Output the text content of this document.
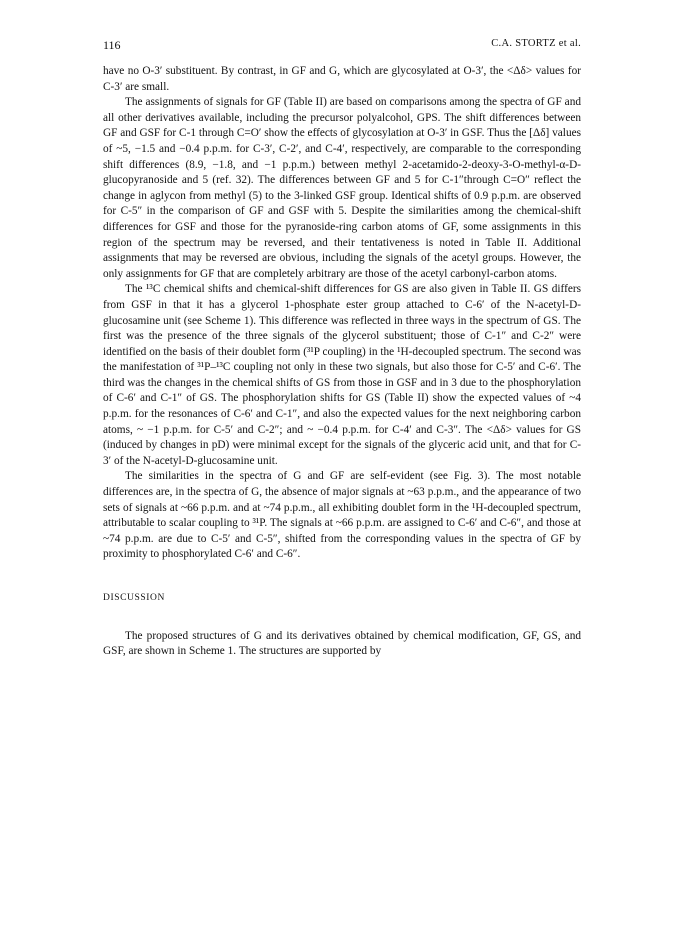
116	C.A. STORTZ et al.

have no O-3′ substituent. By contrast, in GF and G, which are glycosylated at O-3′, the <Δδ> values for C-3′ are small.

The assignments of signals for GF (Table II) are based on comparisons among the spectra of GF and all other derivatives available, including the precursor polyalcohol, GPS. The shift differences between GF and GSF for C-1 through C=O′ show the effects of glycosylation at O-3′ in GSF. Thus the [Δδ] values of ~5, −1.5 and −0.4 p.p.m. for C-3′, C-2′, and C-4′, respectively, are comparable to the corresponding shift differences (8.9, −1.8, and −1 p.p.m.) between methyl 2-acetamido-2-deoxy-3-O-methyl-α-D-glucopyranoside and 5 (ref. 32). The differences between GF and 5 for C-1″through C=O″ reflect the change in aglycon from methyl (5) to the 3-linked GSF group. Identical shifts of 0.9 p.p.m. are observed for C-5″ in the comparison of GF and GSF with 5. Despite the similarities among the chemical-shift differences for GSF and those for the pyranoside-ring carbon atoms of GF, some assignments in this region of the spectrum may be reversed, and their tentativeness is noted in Table II. Additional assignments that may be reversed are obvious, including the signals of the acetyl groups. However, the only assignments for GF that are completely arbitrary are those of the acetyl carbonyl-carbon atoms.

The ¹³C chemical shifts and chemical-shift differences for GS are also given in Table II. GS differs from GSF in that it has a glycerol 1-phosphate ester group attached to C-6′ of the N-acetyl-D-glucosamine unit (see Scheme 1). This difference was reflected in three ways in the spectrum of GS. The first was the presence of the three signals of the glycerol substituent; those of C-1″ and C-2″ were identified on the basis of their doublet form (³¹P coupling) in the ¹H-decoupled spectrum. The second was the manifestation of ³¹P–¹³C coupling not only in these two signals, but also those for C-5′ and C-6′. The third was the changes in the chemical shifts of GS from those in GSF and in 3 due to the phosphorylation of C-6′ and C-1″ of GS. The phosphorylation shifts for GS (Table II) show the expected values of ~4 p.p.m. for the resonances of C-6′ and C-1″, and also the expected values for the next neighboring carbon atoms, ~ −1 p.p.m. for C-5′ and C-2″; and ~ −0.4 p.p.m. for C-4′ and C-3″. The <Δδ> values for GS (induced by changes in pD) were minimal except for the signals of the glyceric acid unit, and that for C-3′ of the N-acetyl-D-glucosamine unit.

The similarities in the spectra of G and GF are self-evident (see Fig. 3). The most notable differences are, in the spectra of G, the absence of major signals at ~63 p.p.m., and the appearance of two sets of signals at ~66 p.p.m. and at ~74 p.p.m., all exhibiting doublet form in the ¹H-decoupled spectrum, attributable to scalar coupling to ³¹P. The signals at ~66 p.p.m. are assigned to C-6′ and C-6″, and those at ~74 p.p.m. are due to C-5′ and C-5″, shifted from the corresponding values in the spectra of GF by proximity to phosphorylated C-6′ and C-6″.

DISCUSSION

The proposed structures of G and its derivatives obtained by chemical modification, GF, GS, and GSF, are shown in Scheme 1. The structures are supported by
